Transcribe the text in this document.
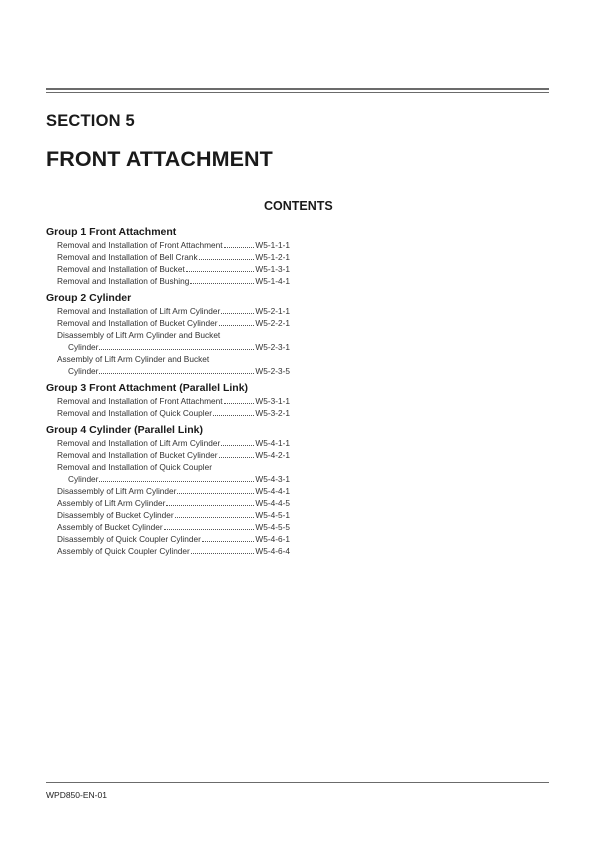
SECTION 5
FRONT ATTACHMENT
CONTENTS
Group 1 Front Attachment
Removal and Installation of Front Attachment	W5-1-1-1
Removal and Installation of Bell Crank	W5-1-2-1
Removal and Installation of Bucket	W5-1-3-1
Removal and Installation of Bushing	W5-1-4-1
Group 2 Cylinder
Removal and Installation of Lift Arm Cylinder	W5-2-1-1
Removal and Installation of Bucket Cylinder	W5-2-2-1
Disassembly of Lift Arm Cylinder and Bucket
Cylinder	W5-2-3-1
Assembly of Lift Arm Cylinder and Bucket
Cylinder	W5-2-3-5
Group 3 Front Attachment (Parallel Link)
Removal and Installation of Front Attachment	W5-3-1-1
Removal and Installation of Quick Coupler	W5-3-2-1
Group 4 Cylinder (Parallel Link)
Removal and Installation of Lift Arm Cylinder	W5-4-1-1
Removal and Installation of Bucket Cylinder	W5-4-2-1
Removal and Installation of Quick Coupler
Cylinder	W5-4-3-1
Disassembly of Lift Arm Cylinder	W5-4-4-1
Assembly of Lift Arm Cylinder	W5-4-4-5
Disassembly of Bucket Cylinder	W5-4-5-1
Assembly of Bucket Cylinder	W5-4-5-5
Disassembly of Quick Coupler Cylinder	W5-4-6-1
Assembly of Quick Coupler Cylinder	W5-4-6-4
WPD850-EN-01
